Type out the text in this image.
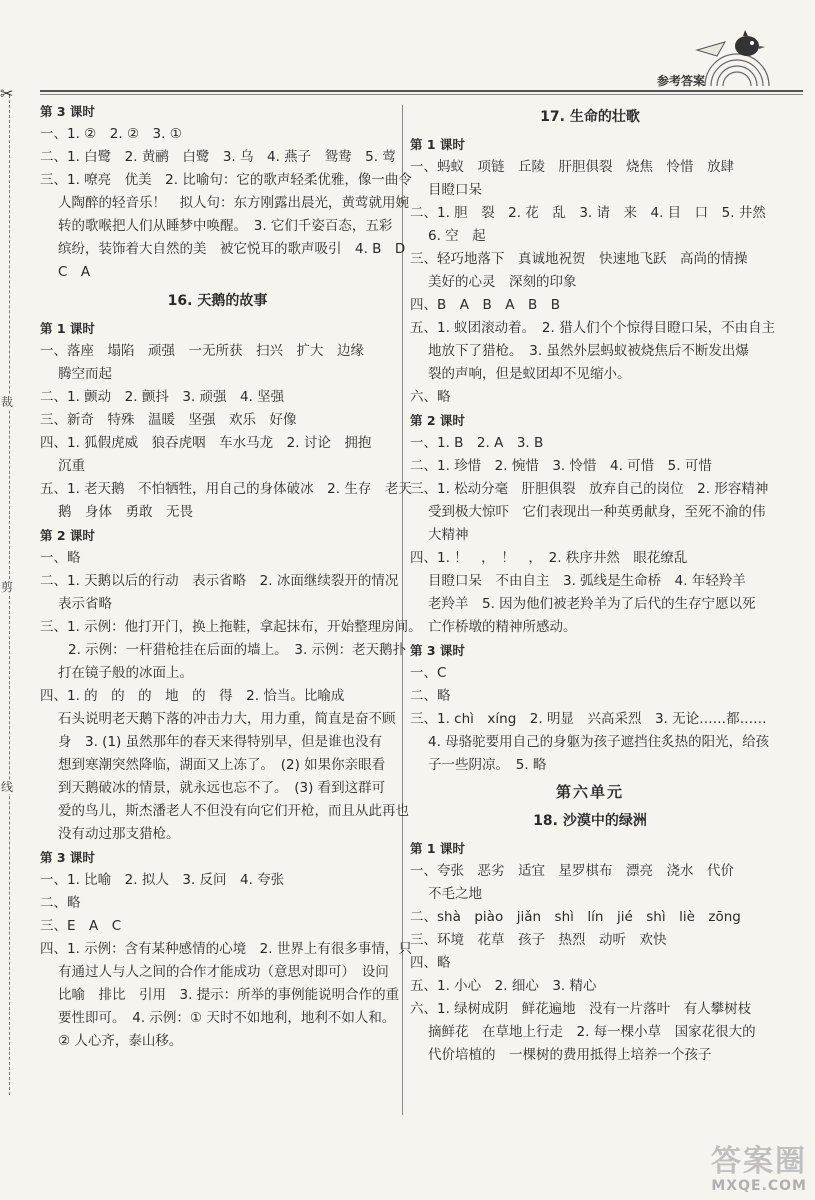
✂
裁
剪
线
参考答案
第 3 课时
一、1. ②　2. ②　3. ①
二、1. 白鹭　2. 黄鹂　白鹭　3. 乌　4. 燕子　鸳鸯　5. 莺
三、1. 嘹亮　优美　2. 比喻句：它的歌声轻柔优雅，像一曲令
人陶醉的轻音乐！　拟人句：东方刚露出晨光，黄莺就用婉
转的歌喉把人们从睡梦中唤醒。　3. 它们千姿百态，五彩
缤纷，装饰着大自然的美　被它悦耳的歌声吸引　4. B　D
C　A
16. 天鹅的故事
第 1 课时
一、落座　塌陷　顽强　一无所获　扫兴　扩大　边缘
腾空而起
二、1. 颤动　2. 颤抖　3. 顽强　4. 坚强
三、新奇　特殊　温暖　坚强　欢乐　好像
四、1. 狐假虎威　狼吞虎咽　车水马龙　2. 讨论　拥抱
沉重
五、1. 老天鹅　不怕牺牲，用自己的身体破冰　2. 生存　老天
鹅　身体　勇敢　无畏
第 2 课时
一、略
二、1. 天鹅以后的行动　表示省略　2. 冰面继续裂开的情况
表示省略
三、1. 示例：他打开门，换上拖鞋，拿起抹布，开始整理房间。
2. 示例：一杆猎枪挂在后面的墙上。　3. 示例：老天鹅扑
打在镜子般的冰面上。
四、1. 的　的　的　地　的　得　2. 恰当。比喻成
石头说明老天鹅下落的冲击力大，用力重，简直是奋不顾
身　3. (1) 虽然那年的春天来得特别早，但是谁也没有
想到寒潮突然降临，湖面又上冻了。　(2) 如果你亲眼看
到天鹅破冰的情景，就永远也忘不了。　(3) 看到这群可
爱的鸟儿，斯杰潘老人不但没有向它们开枪，而且从此再也
没有动过那支猎枪。
第 3 课时
一、1. 比喻　2. 拟人　3. 反问　4. 夸张
二、略
三、E　A　C
四、1. 示例：含有某种感情的心境　2. 世界上有很多事情，只
有通过人与人之间的合作才能成功（意思对即可）　设问
比喻　排比　引用　3. 提示：所举的事例能说明合作的重
要性即可。　4. 示例：① 天时不如地利，地利不如人和。
② 人心齐，泰山移。
17. 生命的壮歌
第 1 课时
一、蚂蚁　项链　丘陵　肝胆俱裂　烧焦　怜惜　放肆
目瞪口呆
二、1. 胆　裂　2. 花　乱　3. 请　来　4. 目　口　5. 井然
6. 空　起
三、轻巧地落下　真诚地祝贺　快速地飞跃　高尚的情操
美好的心灵　深刻的印象
四、B　A　B　A　B　B
五、1. 蚁团滚动着。　2. 猎人们个个惊得目瞪口呆，不由自主
地放下了猎枪。　3. 虽然外层蚂蚁被烧焦后不断发出爆
裂的声响，但是蚁团却不见缩小。
六、略
第 2 课时
一、1. B　2. A　3. B
二、1. 珍惜　2. 惋惜　3. 怜惜　4. 可惜　5. 可惜
三、1. 松动分毫　肝胆俱裂　放弃自己的岗位　2. 形容精神
受到极大惊吓　它们表现出一种英勇献身，至死不渝的伟
大精神
四、1. ！　，　！　，　2. 秩序井然　眼花缭乱
目瞪口呆　不由自主　3. 弧线是生命桥　4. 年轻羚羊
老羚羊　5. 因为他们被老羚羊为了后代的生存宁愿以死
亡作桥墩的精神所感动。
第 3 课时
一、C
二、略
三、1. chì　xíng　2. 明显　兴高采烈　3. 无论……都……
4. 母骆驼要用自己的身躯为孩子遮挡住炙热的阳光，给孩
子一些阴凉。　5. 略
第六单元
18. 沙漠中的绿洲
第 1 课时
一、夸张　恶劣　适宜　星罗棋布　漂亮　浇水　代价
不毛之地
二、shà　piào　jiǎn　shì　lín　jié　shì　liè　zōng
三、环境　花草　孩子　热烈　动听　欢快
四、略
五、1. 小心　2. 细心　3. 精心
六、1. 绿树成阴　鲜花遍地　没有一片落叶　有人攀树枝
摘鲜花　在草地上行走　2. 每一棵小草　国家花很大的
代价培植的　一棵树的费用抵得上培养一个孩子
答案圈
MXQE.COM
